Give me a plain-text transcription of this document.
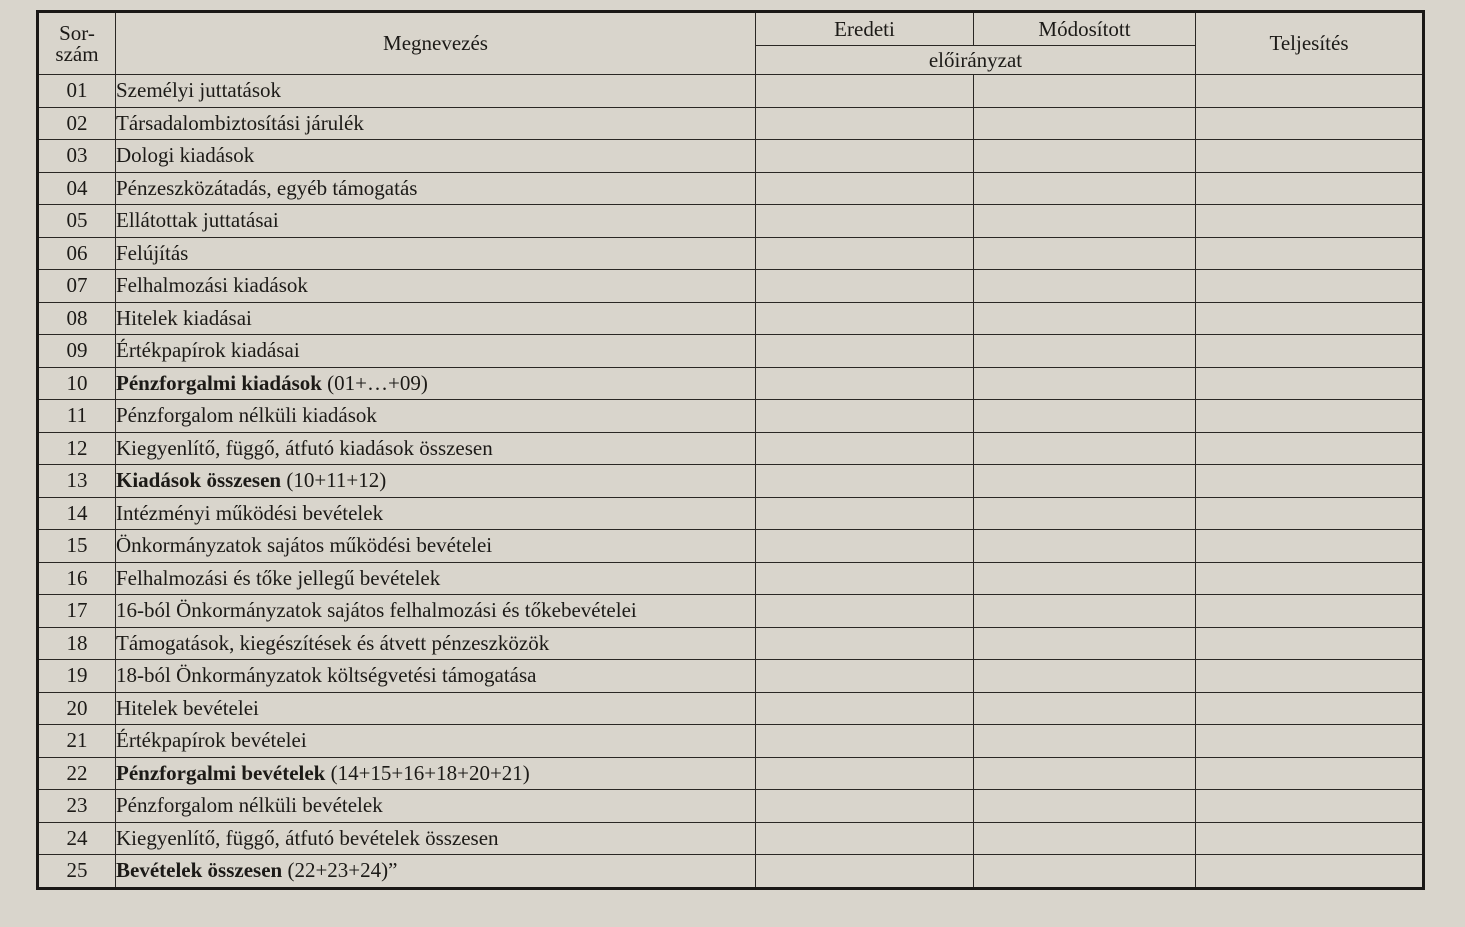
Sor-
szám	Megnevezés	Eredeti	Módosított	Teljesítés
		előirányzat		
01	Személyi juttatások			
02	Társadalombiztosítási járulék			
03	Dologi kiadások			
04	Pénzeszközátadás, egyéb támogatás			
05	Ellátottak juttatásai			
06	Felújítás			
07	Felhalmozási kiadások			
08	Hitelek kiadásai			
09	Értékpapírok kiadásai			
10	Pénzforgalmi kiadások (01+…+09)			
11	Pénzforgalom nélküli kiadások			
12	Kiegyenlítő, függő, átfutó kiadások összesen			
13	Kiadások összesen (10+11+12)			
14	Intézményi működési bevételek			
15	Önkormányzatok sajátos működési bevételei			
16	Felhalmozási és tőke jellegű bevételek			
17	16-ból Önkormányzatok sajátos felhalmozási és tőkebevételei			
18	Támogatások, kiegészítések és átvett pénzeszközök			
19	18-ból Önkormányzatok költségvetési támogatása			
20	Hitelek bevételei			
21	Értékpapírok bevételei			
22	Pénzforgalmi bevételek (14+15+16+18+20+21)			
23	Pénzforgalom nélküli bevételek			
24	Kiegyenlítő, függő, átfutó bevételek összesen			
25	Bevételek összesen (22+23+24)”			
